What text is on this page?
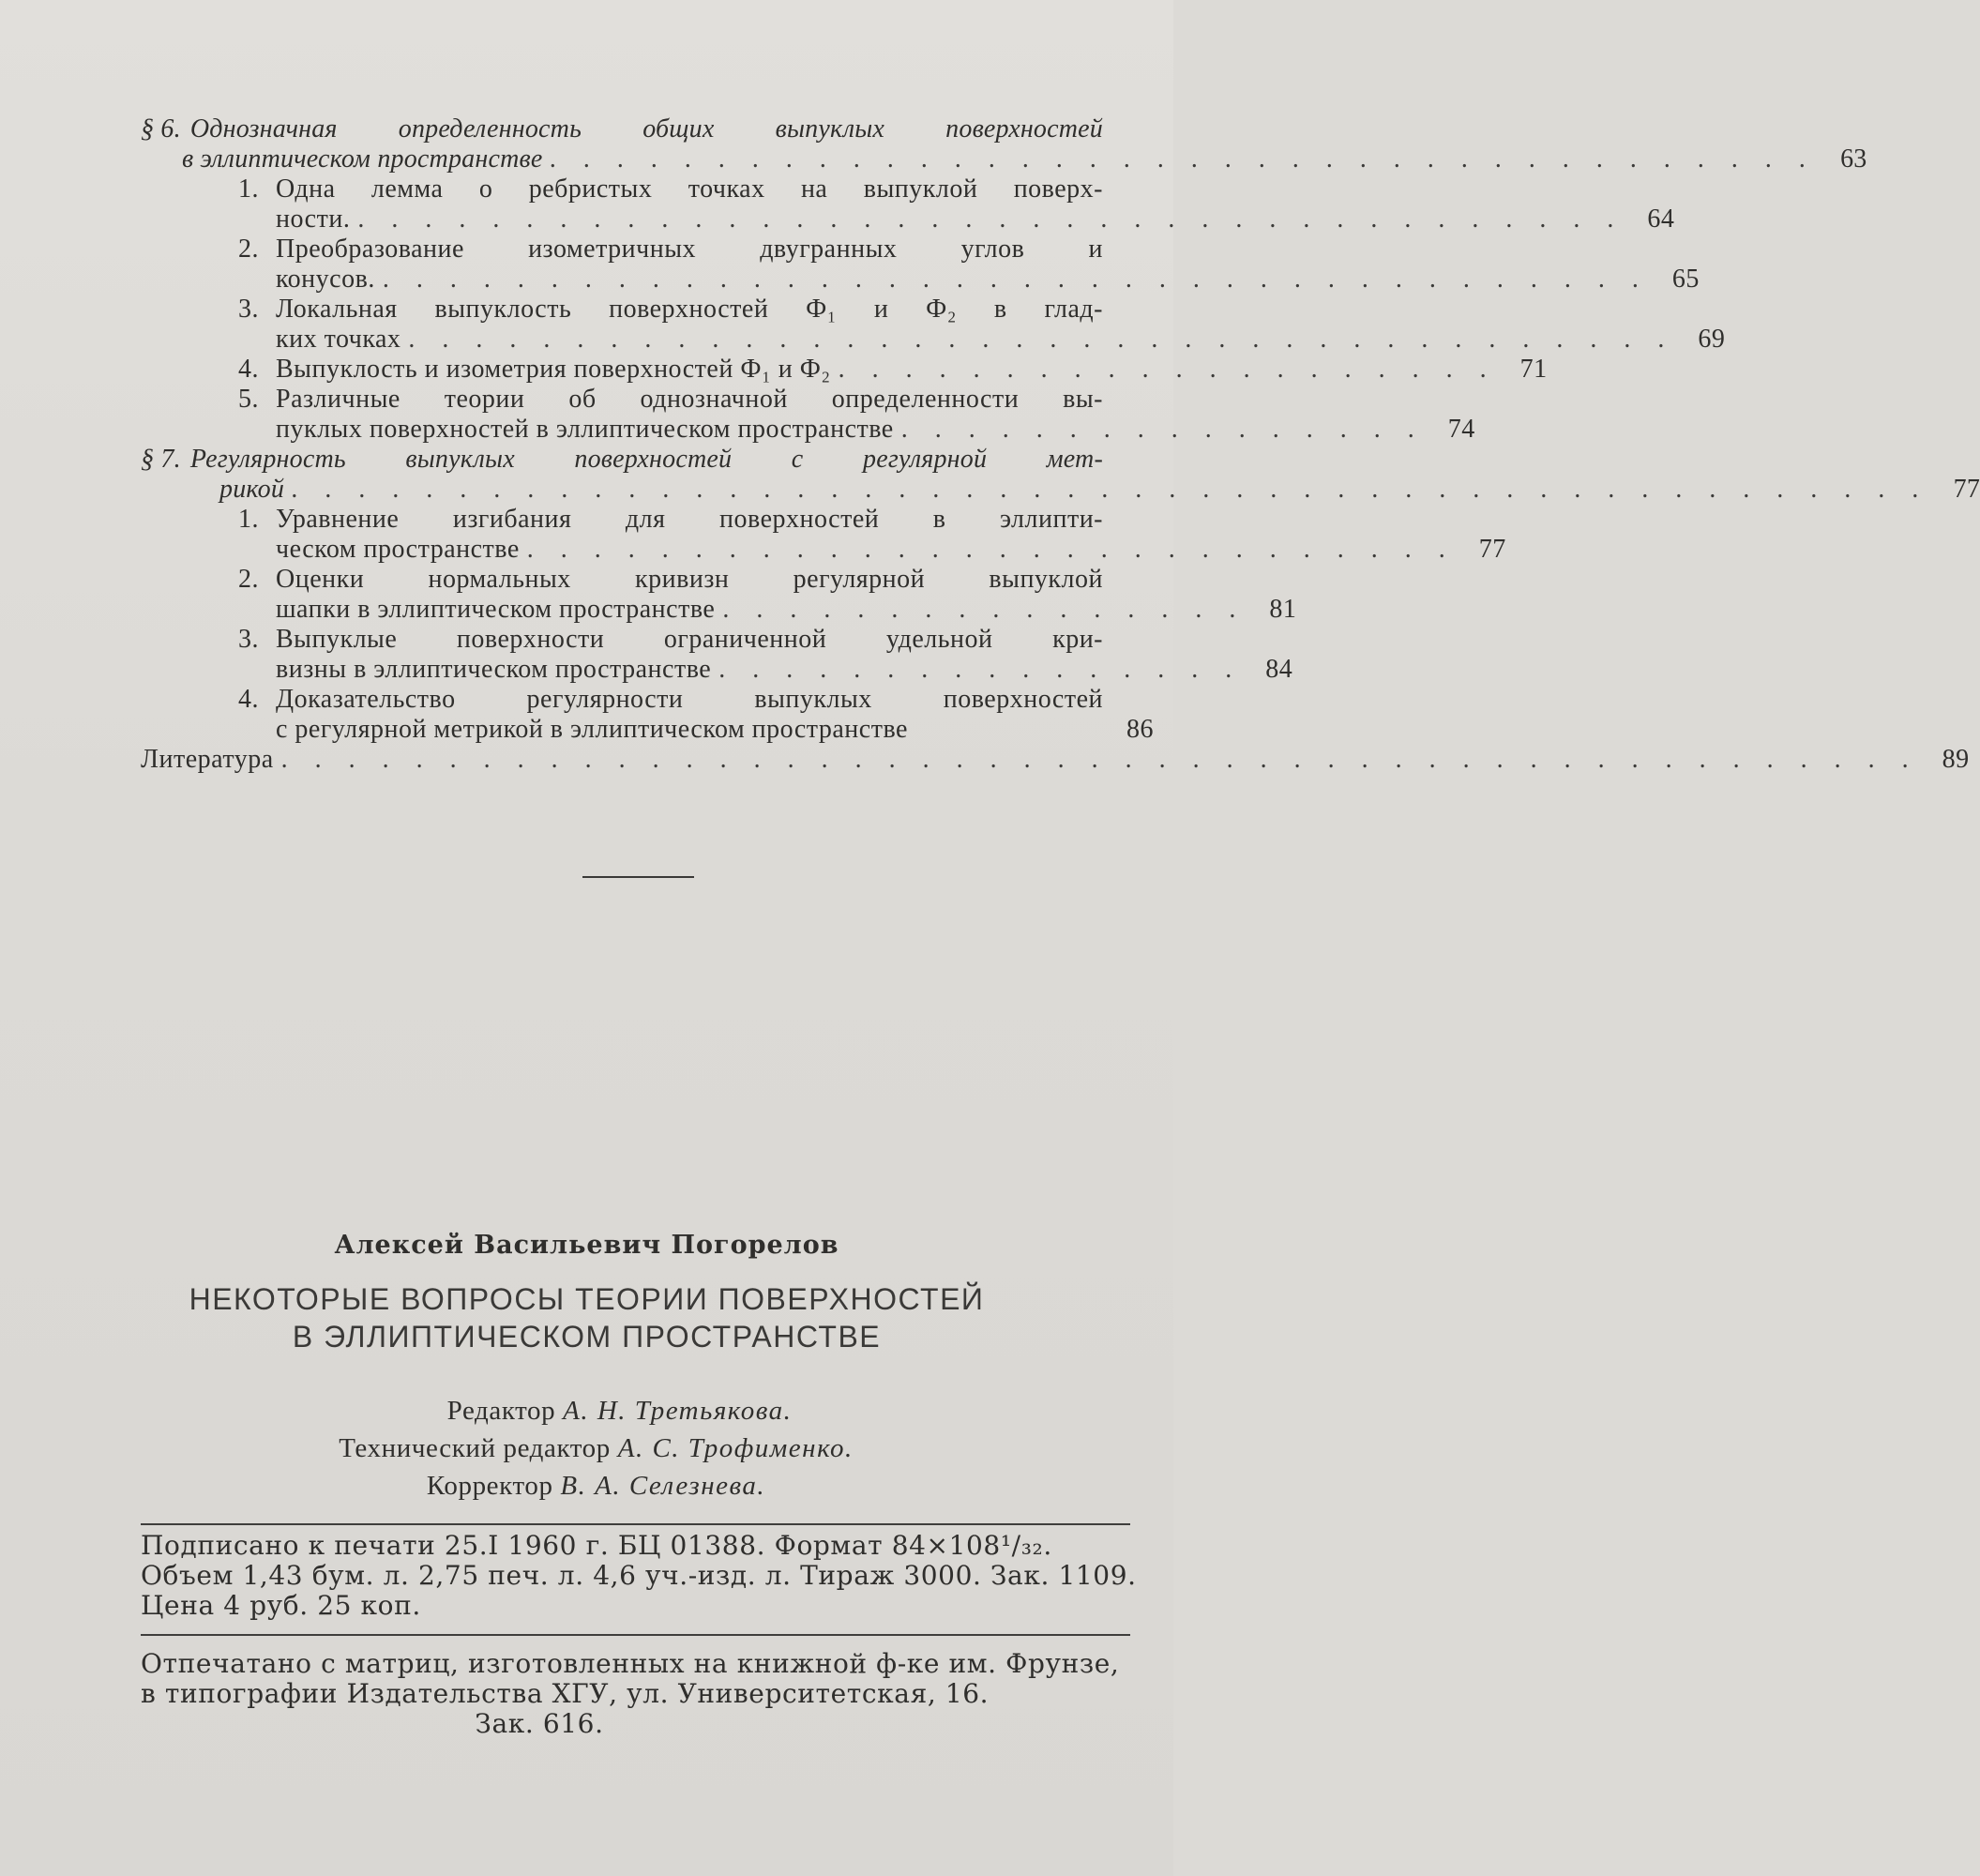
§ 6. Однозначная определенность общих выпуклых поверхностей
в эллиптическом пространстве . . . . . . . . . . . . . . . . . . . . . . . . . . . . . . . . . . . . . . 63
1. Одна лемма о ребристых точках на выпуклой поверх-
ности. . . . . . . . . . . . . . . . . . . . . . . . . . . . . . . . . . . . . . . 64
2. Преобразование изометричных двугранных углов и
конусов. . . . . . . . . . . . . . . . . . . . . . . . . . . . . . . . . . . . . . . 65
3. Локальная выпуклость поверхностей Ф₁ и Ф₂ в глад-
ких точках . . . . . . . . . . . . . . . . . . . . . . . . . . . . . . . . . . . . . . 69
4. Выпуклость и изометрия поверхностей Ф₁ и Ф₂ . . . . . . . . . . . . . . . . . . . . 71
5. Различные теории об однозначной определенности вы-
пуклых поверхностей в эллиптическом пространстве . . . . . . . . . . . . . . . . 74
§ 7. Регулярность выпуклых поверхностей с регулярной мет-
рикой . . . . . . . . . . . . . . . . . . . . . . . . . . . . . . . . . . . . . . . . . . . . . . . . . 77
1. Уравнение изгибания для поверхностей в эллипти-
ческом пространстве . . . . . . . . . . . . . . . . . . . . . . . . . . . . 77
2. Оценки нормальных кривизн регулярной выпуклой
шапки в эллиптическом пространстве . . . . . . . . . . . . . . . . 81
3. Выпуклые поверхности ограниченной удельной кри-
визны в эллиптическом пространстве . . . . . . . . . . . . . . . . 84
4. Доказательство регулярности выпуклых поверхностей
с регулярной метрикой в эллиптическом пространстве	86
Литература . . . . . . . . . . . . . . . . . . . . . . . . . . . . . . . . . . . . . . . . . . . . . . . . . 89
Алексей Васильевич Погорелов
НЕКОТОРЫЕ ВОПРОСЫ ТЕОРИИ ПОВЕРХНОСТЕЙ
В ЭЛЛИПТИЧЕСКОМ ПРОСТРАНСТВЕ
Редактор А. Н. Третьякова.
Технический редактор А. С. Трофименко.
Корректор В. А. Селезнева.
Подписано к печати 25.I 1960 г. БЦ 01388. Формат 84×108¹/₃₂.
Объем 1,43 бум. л. 2,75 печ. л. 4,6 уч.-изд. л. Тираж 3000. Зак. 1109.
Цена 4 руб. 25 коп.
Отпечатано с матриц, изготовленных на книжной ф-ке им. Фрунзе,
в типографии Издательства ХГУ, ул. Университетская, 16.
Зак. 616.
